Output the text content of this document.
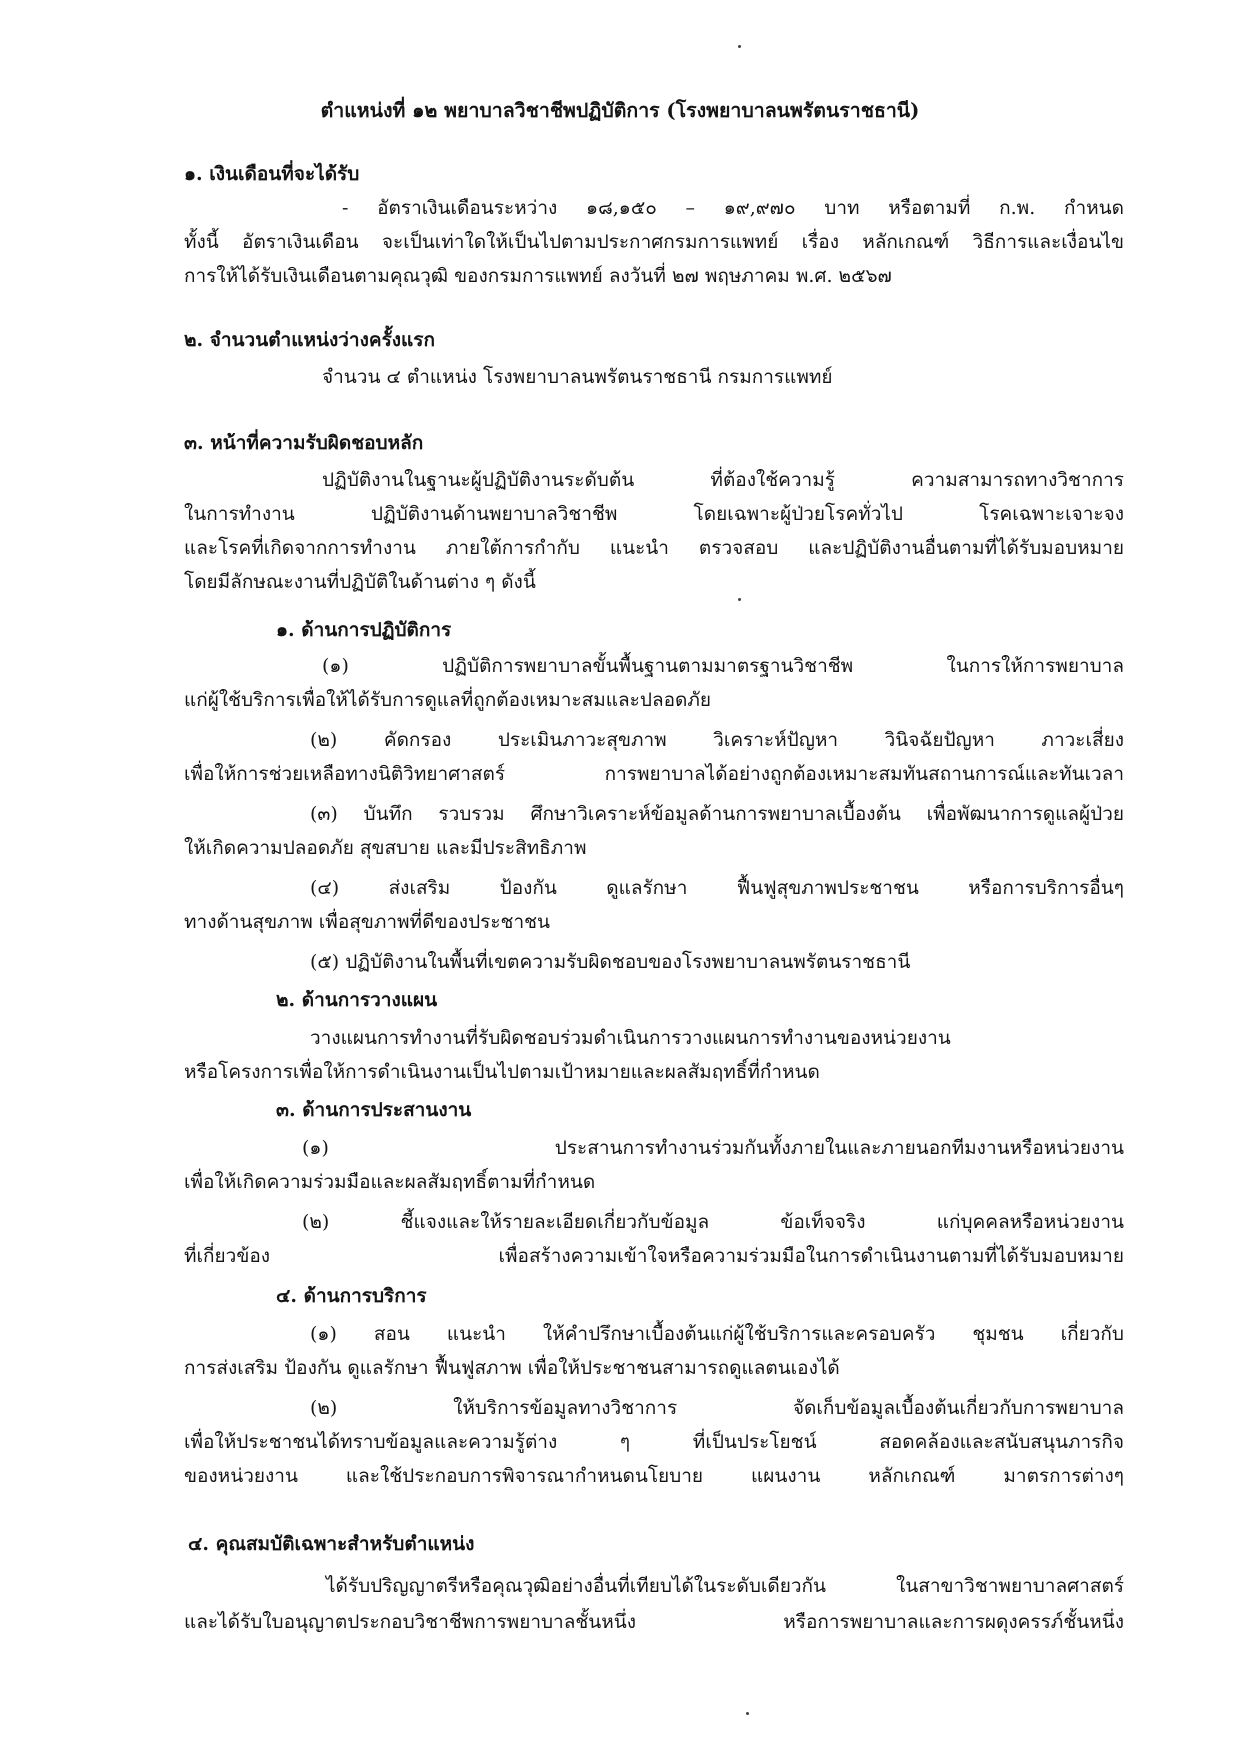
ตำแหน่งที่ ๑๒ พยาบาลวิชาชีพปฏิบัติการ (โรงพยาบาลนพรัตนราชธานี)
๑. เงินเดือนที่จะได้รับ
- อัตราเงินเดือนระหว่าง ๑๘,๑๕๐ – ๑๙,๙๗๐ บาท หรือตามที่ ก.พ. กำหนด
ทั้งนี้ อัตราเงินเดือน จะเป็นเท่าใดให้เป็นไปตามประกาศกรมการแพทย์ เรื่อง หลักเกณฑ์ วิธีการและเงื่อนไข
การให้ได้รับเงินเดือนตามคุณวุฒิ ของกรมการแพทย์ ลงวันที่ ๒๗ พฤษภาคม พ.ศ. ๒๕๖๗
๒. จำนวนตำแหน่งว่างครั้งแรก
จำนวน ๔ ตำแหน่ง โรงพยาบาลนพรัตนราชธานี กรมการแพทย์
๓. หน้าที่ความรับผิดชอบหลัก
ปฏิบัติงานในฐานะผู้ปฏิบัติงานระดับต้น ที่ต้องใช้ความรู้ ความสามารถทางวิชาการ
ในการทำงาน ปฏิบัติงานด้านพยาบาลวิชาชีพ โดยเฉพาะผู้ป่วยโรคทั่วไป โรคเฉพาะเจาะจง
และโรคที่เกิดจากการทำงาน ภายใต้การกำกับ แนะนำ ตรวจสอบ และปฏิบัติงานอื่นตามที่ได้รับมอบหมาย
โดยมีลักษณะงานที่ปฏิบัติในด้านต่าง ๆ ดังนี้
๑. ด้านการปฏิบัติการ
(๑) ปฏิบัติการพยาบาลขั้นพื้นฐานตามมาตรฐานวิชาชีพ ในการให้การพยาบาล
แก่ผู้ใช้บริการเพื่อให้ได้รับการดูแลที่ถูกต้องเหมาะสมและปลอดภัย
(๒) คัดกรอง ประเมินภาวะสุขภาพ วิเคราะห์ปัญหา วินิจฉัยปัญหา ภาวะเสี่ยง
เพื่อให้การช่วยเหลือทางนิติวิทยาศาสตร์ การพยาบาลได้อย่างถูกต้องเหมาะสมทันสถานการณ์และทันเวลา
(๓) บันทึก รวบรวม ศึกษาวิเคราะห์ข้อมูลด้านการพยาบาลเบื้องต้น เพื่อพัฒนาการดูแลผู้ป่วย
ให้เกิดความปลอดภัย สุขสบาย และมีประสิทธิภาพ
(๔) ส่งเสริม ป้องกัน ดูแลรักษา ฟื้นฟูสุขภาพประชาชน หรือการบริการอื่นๆ
ทางด้านสุขภาพ เพื่อสุขภาพที่ดีของประชาชน
(๕) ปฏิบัติงานในพื้นที่เขตความรับผิดชอบของโรงพยาบาลนพรัตนราชธานี
๒. ด้านการวางแผน
วางแผนการทำงานที่รับผิดชอบร่วมดำเนินการวางแผนการทำงานของหน่วยงาน
หรือโครงการเพื่อให้การดำเนินงานเป็นไปตามเป้าหมายและผลสัมฤทธิ์ที่กำหนด
๓. ด้านการประสานงาน
(๑) ประสานการทำงานร่วมกันทั้งภายในและภายนอกทีมงานหรือหน่วยงาน
เพื่อให้เกิดความร่วมมือและผลสัมฤทธิ์ตามที่กำหนด
(๒) ชี้แจงและให้รายละเอียดเกี่ยวกับข้อมูล ข้อเท็จจริง แก่บุคคลหรือหน่วยงาน
ที่เกี่ยวข้อง เพื่อสร้างความเข้าใจหรือความร่วมมือในการดำเนินงานตามที่ได้รับมอบหมาย
๔. ด้านการบริการ
(๑) สอน แนะนำ ให้คำปรึกษาเบื้องต้นแก่ผู้ใช้บริการและครอบครัว ชุมชน เกี่ยวกับ
การส่งเสริม ป้องกัน ดูแลรักษา ฟื้นฟูสภาพ เพื่อให้ประชาชนสามารถดูแลตนเองได้
(๒) ให้บริการข้อมูลทางวิชาการ จัดเก็บข้อมูลเบื้องต้นเกี่ยวกับการพยาบาล
เพื่อให้ประชาชนได้ทราบข้อมูลและความรู้ต่าง ๆ ที่เป็นประโยชน์ สอดคล้องและสนับสนุนภารกิจ
ของหน่วยงาน และใช้ประกอบการพิจารณากำหนดนโยบาย แผนงาน หลักเกณฑ์ มาตรการต่างๆ
๔. คุณสมบัติเฉพาะสำหรับตำแหน่ง
ได้รับปริญญาตรีหรือคุณวุฒิอย่างอื่นที่เทียบได้ในระดับเดียวกัน ในสาขาวิชาพยาบาลศาสตร์
และได้รับใบอนุญาตประกอบวิชาชีพการพยาบาลชั้นหนึ่ง หรือการพยาบาลและการผดุงครรภ์ชั้นหนึ่ง
